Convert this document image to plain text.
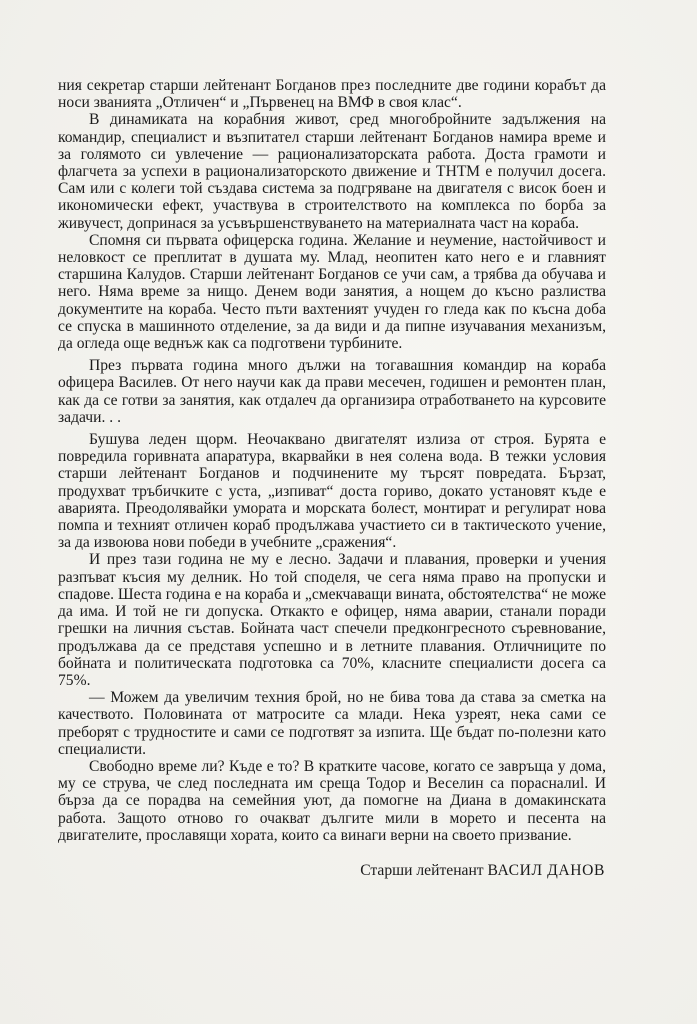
ния секретар старши лейтенант Богданов през последните две години корабът да носи званията „Отличен“ и „Първенец на ВМФ в своя клас“.

В динамиката на корабния живот, сред многобройните задължения на командир, специалист и възпитател старши лейтенант Богданов намира време и за голямото си увлечение — рационализаторската работа. Доста грамоти и флагчета за успехи в рационализаторското движение и ТНТМ е получил досега. Сам или с колеги той създава система за подгряване на двигателя с висок боен и икономически ефект, участвува в строителството на комплекса по борба за живучест, допринася за усъвършенствуването на материалната част на кораба.

Спомня си първата офицерска година. Желание и неумение, настойчивост и неловкост се преплитат в душата му. Млад, неопитен като него е и главният старшина Калудов. Старши лейтенант Богданов се учи сам, а трябва да обучава и него. Няма време за нищо. Денем води занятия, а нощем до късно разлиства документите на кораба. Често пъти вахтеният учуден го гледа как по късна доба се спуска в машинното отделение, за да види и да пипне изучавания механизъм, да огледа още веднъж как са подготвени турбините.

През първата година много дължи на тогавашния командир на кораба офицера Василев. От него научи как да прави месечен, годишен и ремонтен план, как да се готви за занятия, как отдалеч да организира отработването на курсовите задачи. . .

Бушува леден щорм. Неочаквано двигателят излиза от строя. Бурята е повредила горивната апаратура, вкарвайки в нея солена вода. В тежки условия старши лейтенант Богданов и подчинените му търсят повредата. Бързат, продухват тръбичките с уста, „изпиват“ доста гориво, докато установят къде е аварията. Преодолявайки умората и морската болест, монтират и регулират нова помпа и техният отличен кораб продължава участието си в тактическото учение, за да извоюва нови победи в учебните „сражения“.

И през тази година не му е лесно. Задачи и плавания, проверки и учения разпъват късия му делник. Но той споделя, че сега няма право на пропуски и спадове. Шеста година е на кораба и „смекчаващи вината, обстоятелства“ не може да има. И той не ги допуска. Откакто е офицер, няма аварии, станали поради грешки на личния състав. Бойната част спечели предконгресното съревнование, продължава да се представя успешно и в летните плавания. Отличниците по бойната и политическата подготовка са 70%, класните специалисти досега са 75%.

— Можем да увеличим техния брой, но не бива това да става за сметка на качеството. Половината от матросите са млади. Нека узреят, нека сами се преборят с трудностите и сами се подготвят за изпита. Ще бъдат по-полезни като специалисти.

Свободно време ли? Къде е то? В кратките часове, когато се завръща у дома, му се струва, че след последната им среща Тодор и Веселин са порасналиl. И бърза да се порадва на семейния уют, да помогне на Диана в домакинската работа. Защото отново го очакват дългите мили в морето и песента на двигателите, прославящи хората, които са винаги верни на своето призвание.

Старши лейтенант ВАСИЛ ДАНОВ
